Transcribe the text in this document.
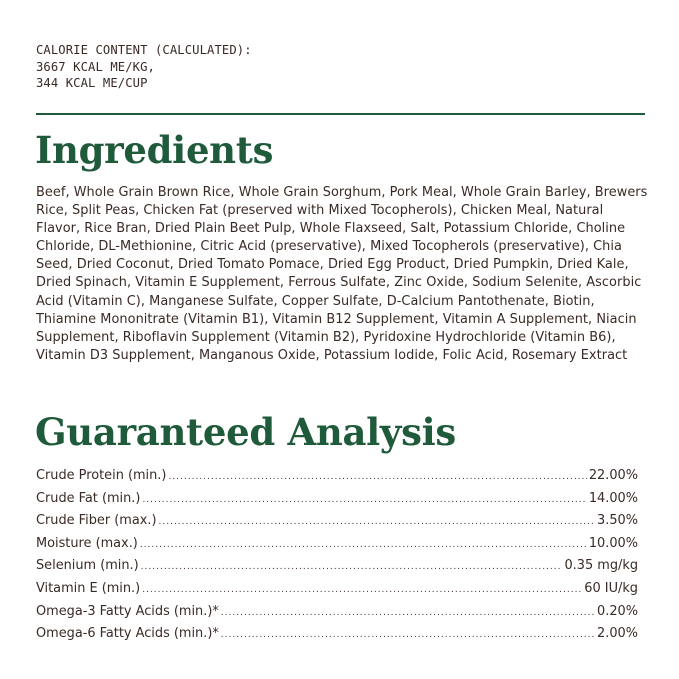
CALORIE CONTENT (CALCULATED):
3667 KCAL ME/KG,
344 KCAL ME/CUP
Ingredients
Beef, Whole Grain Brown Rice, Whole Grain Sorghum, Pork Meal, Whole Grain Barley, Brewers Rice, Split Peas, Chicken Fat (preserved with Mixed Tocopherols), Chicken Meal, Natural Flavor, Rice Bran, Dried Plain Beet Pulp, Whole Flaxseed, Salt, Potassium Chloride, Choline Chloride, DL-Methionine, Citric Acid (preservative), Mixed Tocopherols (preservative), Chia Seed, Dried Coconut, Dried Tomato Pomace, Dried Egg Product, Dried Pumpkin, Dried Kale, Dried Spinach, Vitamin E Supplement, Ferrous Sulfate, Zinc Oxide, Sodium Selenite, Ascorbic Acid (Vitamin C), Manganese Sulfate, Copper Sulfate, D-Calcium Pantothenate, Biotin, Thiamine Mononitrate (Vitamin B1), Vitamin B12 Supplement, Vitamin A Supplement, Niacin Supplement, Riboflavin Supplement (Vitamin B2), Pyridoxine Hydrochloride (Vitamin B6), Vitamin D3 Supplement, Manganous Oxide, Potassium Iodide, Folic Acid, Rosemary Extract
Guaranteed Analysis
Crude Protein (min.) .....	22.00%
Crude Fat (min.) .....	14.00%
Crude Fiber (max.) .....	3.50%
Moisture (max.) .....	10.00%
Selenium (min.) .....	0.35 mg/kg
Vitamin E (min.) .....	60 IU/kg
Omega-3 Fatty Acids (min.)* .....	0.20%
Omega-6 Fatty Acids (min.)* .....	2.00%
